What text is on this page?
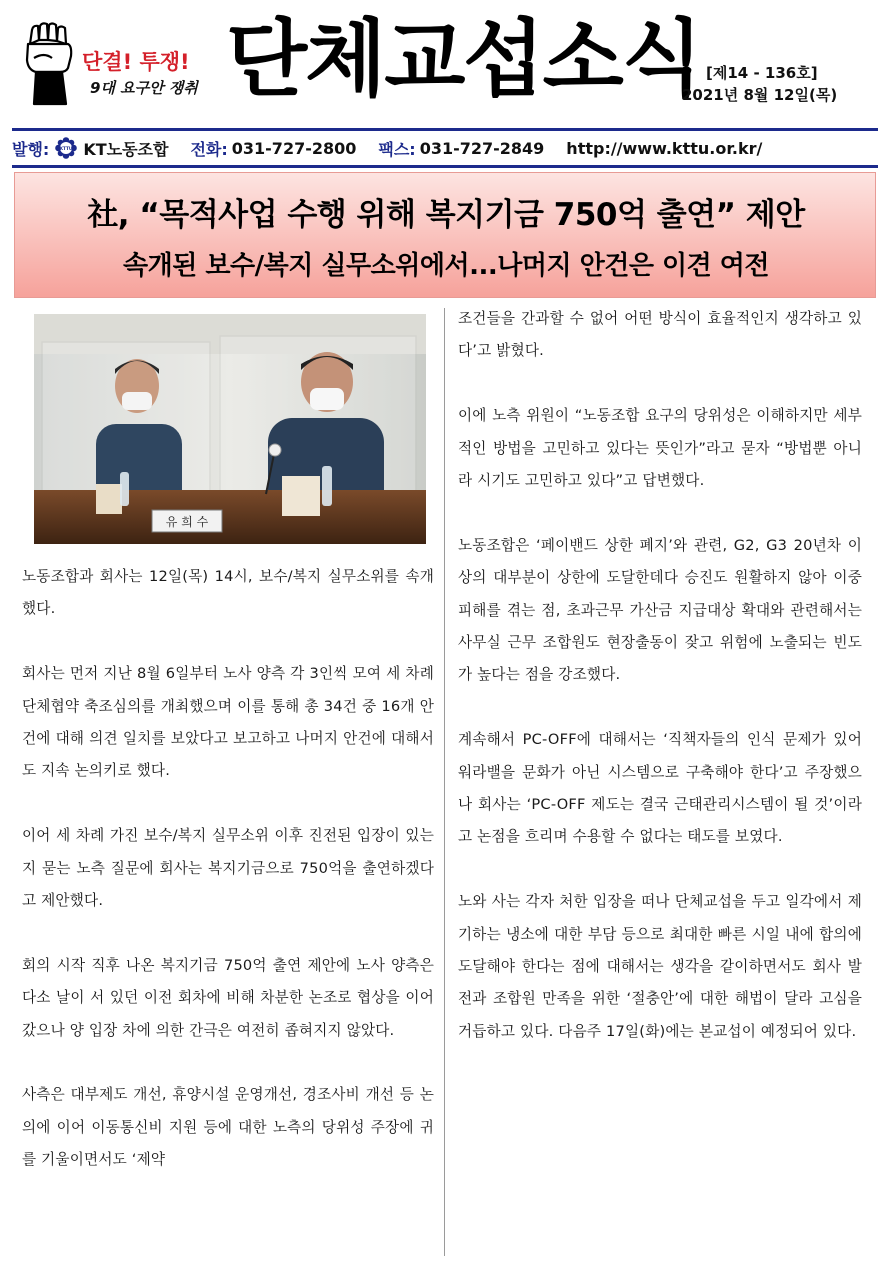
단결! 투쟁!
9대 요구안 쟁취 단체교섭소식 [제14 - 136호]
2021년 8월 12일(목)
발행:	KTTU KT노동조합 전화: 031-727-2800 팩스: 031-727-2849 http://www.kttu.or.kr/
社, “목적사업 수행 위해 복지기금 750억 출연” 제안
속개된 보수/복지 실무소위에서...나머지 안건은 이견 여전
유 희 수

노동조합과 회사는 12일(목) 14시, 보수/복지 실무소위를 속개했다.

회사는 먼저 지난 8월 6일부터 노사 양측 각 3인씩 모여 세 차례 단체협약 축조심의를 개최했으며 이를 통해 총 34건 중 16개 안건에 대해 의견 일치를 보았다고 보고하고 나머지 안건에 대해서도 지속 논의키로 했다.

이어 세 차례 가진 보수/복지 실무소위 이후 진전된 입장이 있는지 묻는 노측 질문에 회사는 복지기금으로 750억을 출연하겠다고 제안했다.

회의 시작 직후 나온 복지기금 750억 출연 제안에 노사 양측은 다소 날이 서 있던 이전 회차에 비해 차분한 논조로 협상을 이어갔으나 양 입장 차에 의한 간극은 여전히 좁혀지지 않았다.

사측은 대부제도 개선, 휴양시설 운영개선, 경조사비 개선 등 논의에 이어 이동통신비 지원 등에 대한 노측의 당위성 주장에 귀를 기울이면서도 ‘제약

조건들을 간과할 수 없어 어떤 방식이 효율적인지 생각하고 있다’고 밝혔다.

이에 노측 위원이 “노동조합 요구의 당위성은 이해하지만 세부적인 방법을 고민하고 있다는 뜻인가”라고 묻자 “방법뿐 아니라 시기도 고민하고 있다”고 답변했다.

노동조합은 ‘페이밴드 상한 폐지’와 관련, G2, G3 20년차 이상의 대부분이 상한에 도달한데다 승진도 원활하지 않아 이중 피해를 겪는 점, 초과근무 가산금 지급대상 확대와 관련해서는 사무실 근무 조합원도 현장출동이 잦고 위험에 노출되는 빈도가 높다는 점을 강조했다.

계속해서 PC-OFF에 대해서는 ‘직책자들의 인식 문제가 있어 워라밸을 문화가 아닌 시스템으로 구축해야 한다’고 주장했으나 회사는 ‘PC-OFF 제도는 결국 근태관리시스템이 될 것’이라고 논점을 흐리며 수용할 수 없다는 태도를 보였다.

노와 사는 각자 처한 입장을 떠나 단체교섭을 두고 일각에서 제기하는 냉소에 대한 부담 등으로 최대한 빠른 시일 내에 합의에 도달해야 한다는 점에 대해서는 생각을 같이하면서도 회사 발전과 조합원 만족을 위한 ‘절충안’에 대한 해법이 달라 고심을 거듭하고 있다. 다음주 17일(화)에는 본교섭이 예정되어 있다.
